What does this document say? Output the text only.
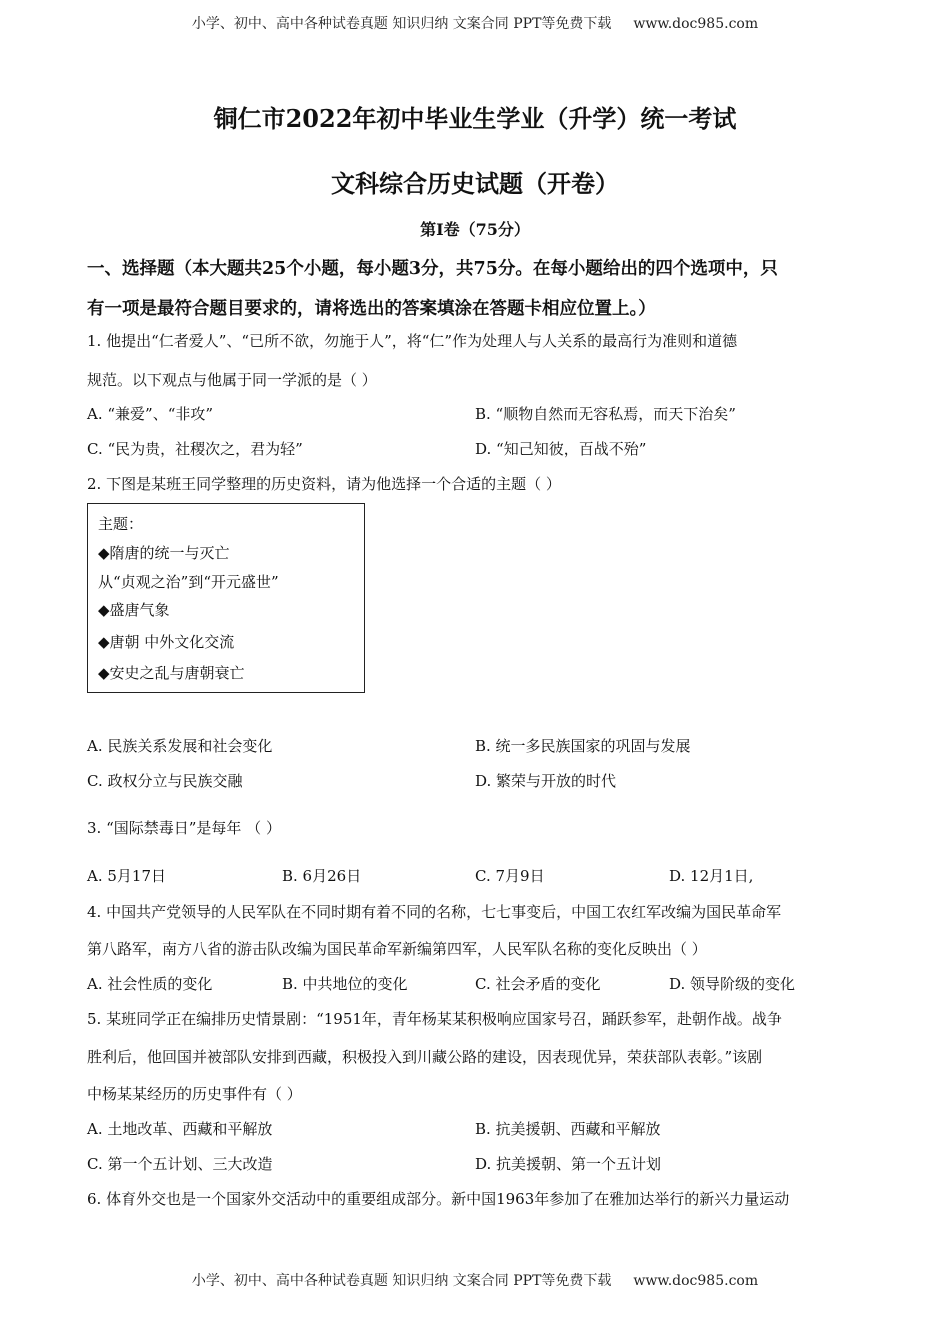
小学、初中、高中各种试卷真题 知识归纳 文案合同 PPT等免费下载 www.doc985.com
铜仁市2022年初中毕业生学业（升学）统一考试
文科综合历史试题（开卷）
第I卷（75分）
一、选择题（本大题共25个小题，每小题3分，共75分。在每小题给出的四个选项中，只
有一项是最符合题目要求的，请将选出的答案填涂在答题卡相应位置上。）
1. 他提出“仁者爱人”、“已所不欲，勿施于人”，将“仁”作为处理人与人关系的最高行为准则和道德
规范。以下观点与他属于同一学派的是（ ）
A. “兼爱”、“非攻”	B. “顺物自然而无容私焉，而天下治矣”
C. “民为贵，社稷次之，君为轻”	D. “知己知彼，百战不殆”
2. 下图是某班王同学整理的历史资料，请为他选择一个合适的主题（ ）
主题：
◆隋唐的统一与灭亡
从“贞观之治”到“开元盛世”
◆盛唐气象
◆唐朝 中外文化交流
◆安史之乱与唐朝衰亡
A. 民族关系发展和社会变化	B. 统一多民族国家的巩固与发展
C. 政权分立与民族交融	D. 繁荣与开放的时代
3. “国际禁毒日”是每年 （ ）
A. 5月17日	B. 6月26日	C. 7月9日	D. 12月1日,
4. 中国共产党领导的人民军队在不同时期有着不同的名称，七七事变后，中国工农红军改编为国民革命军
第八路军，南方八省的游击队改编为国民革命军新编第四军，人民军队名称的变化反映出（ ）
A. 社会性质的变化	B. 中共地位的变化	C. 社会矛盾的变化	D. 领导阶级的变化
5. 某班同学正在编排历史情景剧：“1951年，青年杨某某积极响应国家号召，踊跃参军，赴朝作战。战争
胜利后，他回国并被部队安排到西藏，积极投入到川藏公路的建设，因表现优异，荣获部队表彰。”该剧
中杨某某经历的历史事件有（ ）
A. 土地改革、西藏和平解放	B. 抗美援朝、西藏和平解放
C. 第一个五计划、三大改造	D. 抗美援朝、第一个五计划
6. 体育外交也是一个国家外交活动中的重要组成部分。新中国1963年参加了在雅加达举行的新兴力量运动
小学、初中、高中各种试卷真题 知识归纳 文案合同 PPT等免费下载 www.doc985.com
